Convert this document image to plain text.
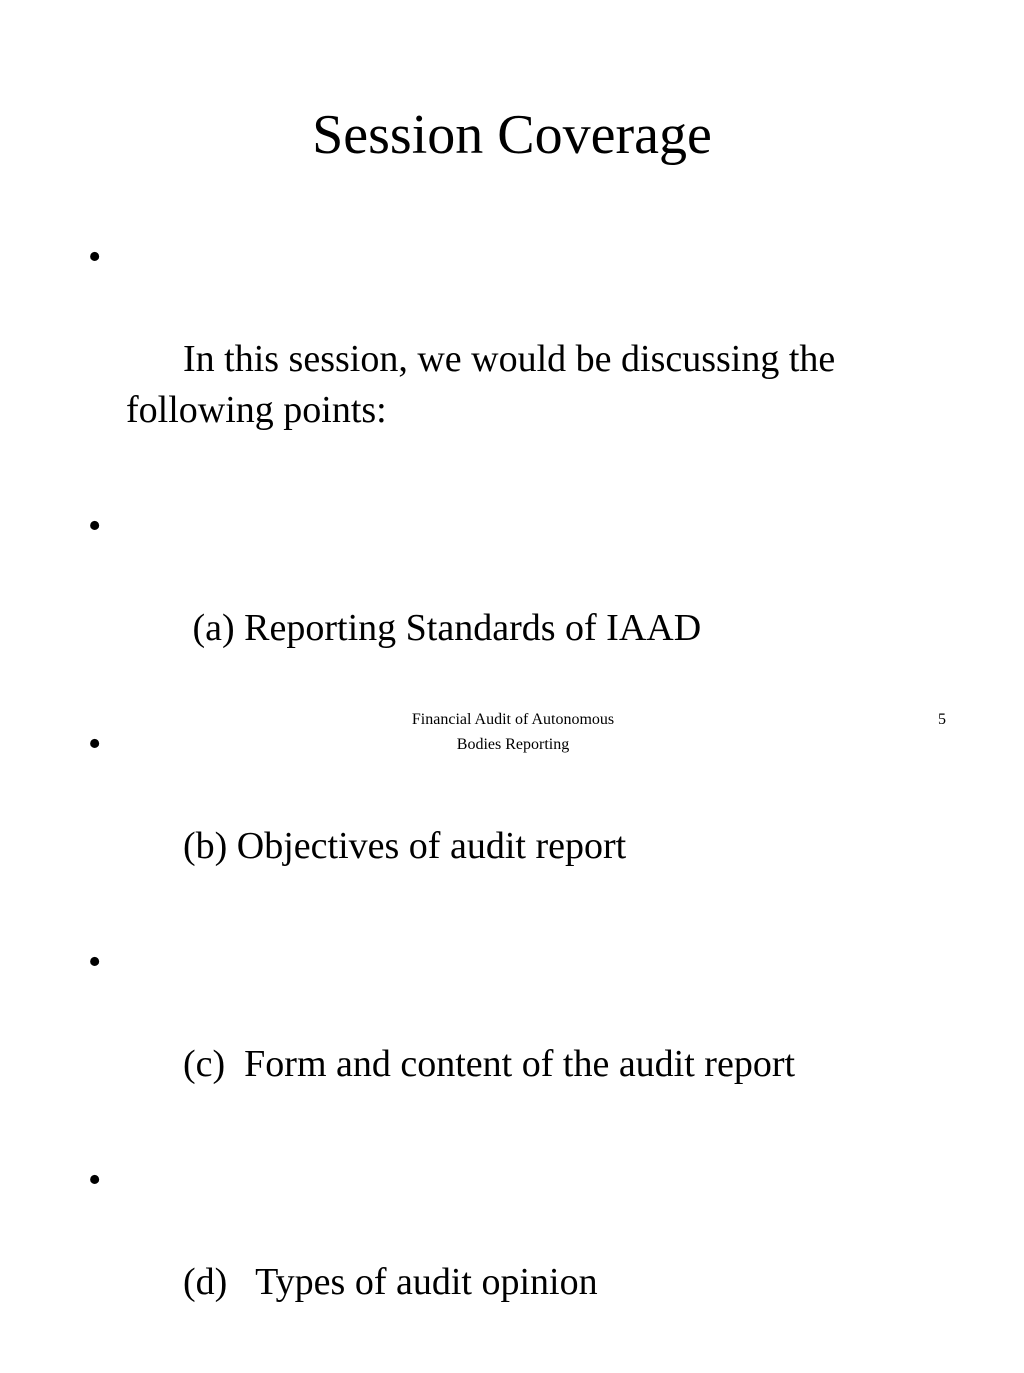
Session Coverage

•

In this session, we would be discussing the following points:

•

(a) Reporting Standards of IAAD

•

(b) Objectives of audit report

•

(c)  Form and content of the audit report

•

(d)   Types of audit opinion

Financial Audit of Autonomous
Bodies Reporting
5
